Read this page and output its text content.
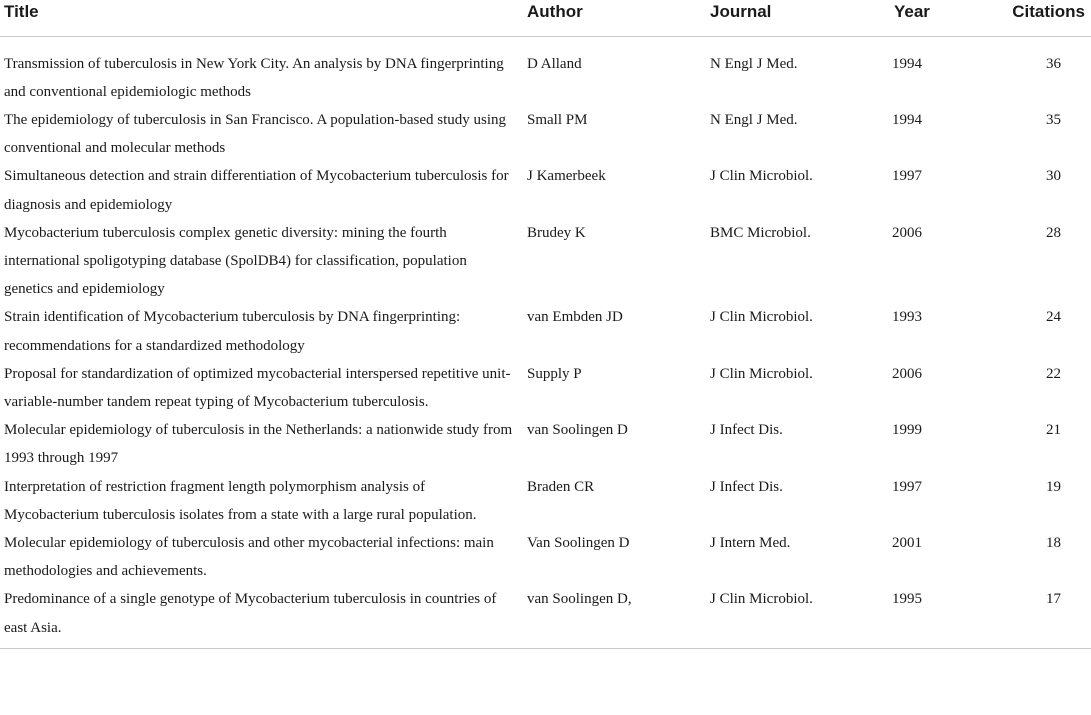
Title	Author	Journal	Year	Citations
Transmission of tuberculosis in New York City. An analysis by DNA fingerprinting and conventional epidemiologic methods	D Alland	N Engl J Med.	1994	36
The epidemiology of tuberculosis in San Francisco. A population-based study using conventional and molecular methods	Small PM	N Engl J Med.	1994	35
Simultaneous detection and strain differentiation of Mycobacterium tuberculosis for diagnosis and epidemiology	J Kamerbeek	J Clin Microbiol.	1997	30
Mycobacterium tuberculosis complex genetic diversity: mining the fourth international spoligotyping database (SpolDB4) for classification, population genetics and epidemiology	Brudey K	BMC Microbiol.	2006	28
Strain identification of Mycobacterium tuberculosis by DNA fingerprinting: recommendations for a standardized methodology	van Embden JD	J Clin Microbiol.	1993	24
Proposal for standardization of optimized mycobacterial interspersed repetitive unit-variable-number tandem repeat typing of Mycobacterium tuberculosis.	Supply P	J Clin Microbiol.	2006	22
Molecular epidemiology of tuberculosis in the Netherlands: a nationwide study from 1993 through 1997	van Soolingen D	J Infect Dis.	1999	21
Interpretation of restriction fragment length polymorphism analysis of Mycobacterium tuberculosis isolates from a state with a large rural population.	Braden CR	J Infect Dis.	1997	19
Molecular epidemiology of tuberculosis and other mycobacterial infections: main methodologies and achievements.	Van Soolingen D	J Intern Med.	2001	18
Predominance of a single genotype of Mycobacterium tuberculosis in countries of east Asia.	van Soolingen D,	J Clin Microbiol.	1995	17
